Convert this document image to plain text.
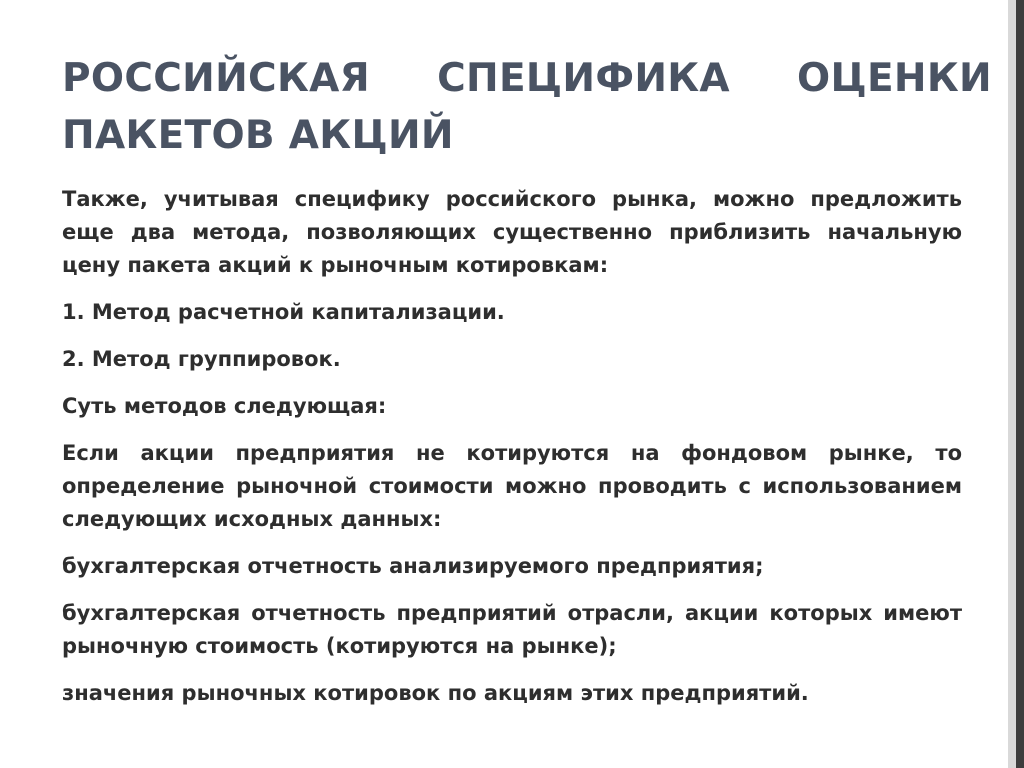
РОССИЙСКАЯ СПЕЦИФИКА ОЦЕНКИ ПАКЕТОВ АКЦИЙ

Также, учитывая специфику российского рынка, можно предложить еще два метода, позволяющих существенно приблизить начальную цену пакета акций к рыночным котировкам:

1. Метод расчетной капитализации.

2. Метод группировок.

Суть методов следующая:

Если акции предприятия не котируются на фондовом рынке, то определение рыночной стоимости можно проводить с использованием следующих исходных данных:

бухгалтерская отчетность анализируемого предприятия;

бухгалтерская отчетность предприятий отрасли, акции которых имеют рыночную стоимость (котируются на рынке);

значения рыночных котировок по акциям этих предприятий.
